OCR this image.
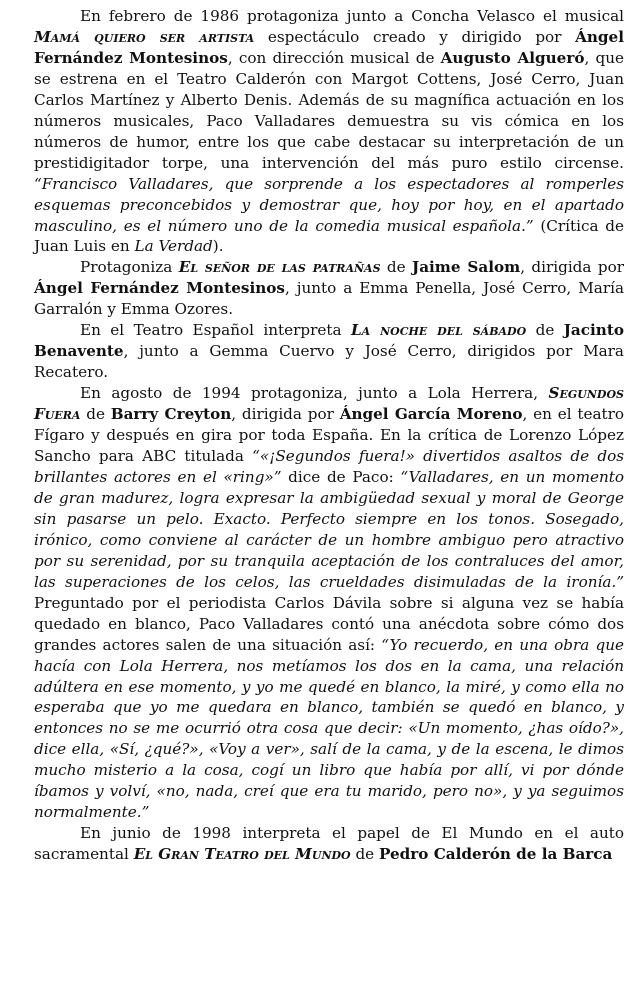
En febrero de 1986 protagoniza junto a Concha Velasco el musical Mamá quiero ser artista espectáculo creado y dirigido por Ángel Fernández Montesinos, con dirección musical de Augusto Algueró, que se estrena en el Teatro Calderón con Margot Cottens, José Cerro, Juan Carlos Martínez y Alberto Denis. Además de su magnífica actuación en los números musicales, Paco Valladares demuestra su vis cómica en los números de humor, entre los que cabe destacar su interpretación de un prestidigitador torpe, una intervención del más puro estilo circense. “Francisco Valladares, que sorprende a los espectadores al romperles esquemas preconcebidos y demostrar que, hoy por hoy, en el apartado masculino, es el número uno de la comedia musical española.” (Crítica de Juan Luis en La Verdad).

Protagoniza El señor de las patrañas de Jaime Salom, dirigida por Ángel Fernández Montesinos, junto a Emma Penella, José Cerro, María Garralón y Emma Ozores.

En el Teatro Español interpreta La noche del sábado de Jacinto Benavente, junto a Gemma Cuervo y José Cerro, dirigidos por Mara Recatero.

En agosto de 1994 protagoniza, junto a Lola Herrera, Segundos Fuera de Barry Creyton, dirigida por Ángel García Moreno, en el teatro Fígaro y después en gira por toda España. En la crítica de Lorenzo López Sancho para ABC titulada “«¡Segundos fuera!» divertidos asaltos de dos brillantes actores en el «ring»” dice de Paco: “Valladares, en un momento de gran madurez, logra expresar la ambigüedad sexual y moral de George sin pasarse un pelo. Exacto. Perfecto siempre en los tonos. Sosegado, irónico, como conviene al carácter de un hombre ambiguo pero atractivo por su serenidad, por su tranquila aceptación de los contraluces del amor, las superaciones de los celos, las crueldades disimuladas de la ironía.” Preguntado por el periodista Carlos Dávila sobre si alguna vez se había quedado en blanco, Paco Valladares contó una anécdota sobre cómo dos grandes actores salen de una situación así: “Yo recuerdo, en una obra que hacía con Lola Herrera, nos metíamos los dos en la cama, una relación adúltera en ese momento, y yo me quedé en blanco, la miré, y como ella no esperaba que yo me quedara en blanco, también se quedó en blanco, y entonces no se me ocurrió otra cosa que decir: «Un momento, ¿has oído?», dice ella, «Sí, ¿qué?», «Voy a ver», salí de la cama, y de la escena, le dimos mucho misterio a la cosa, cogí un libro que había por allí, vi por dónde íbamos y volví, «no, nada, creí que era tu marido, pero no», y ya seguimos normalmente.”

En junio de 1998 interpreta el papel de El Mundo en el auto sacramental El Gran Teatro del Mundo de Pedro Calderón de la Barca
